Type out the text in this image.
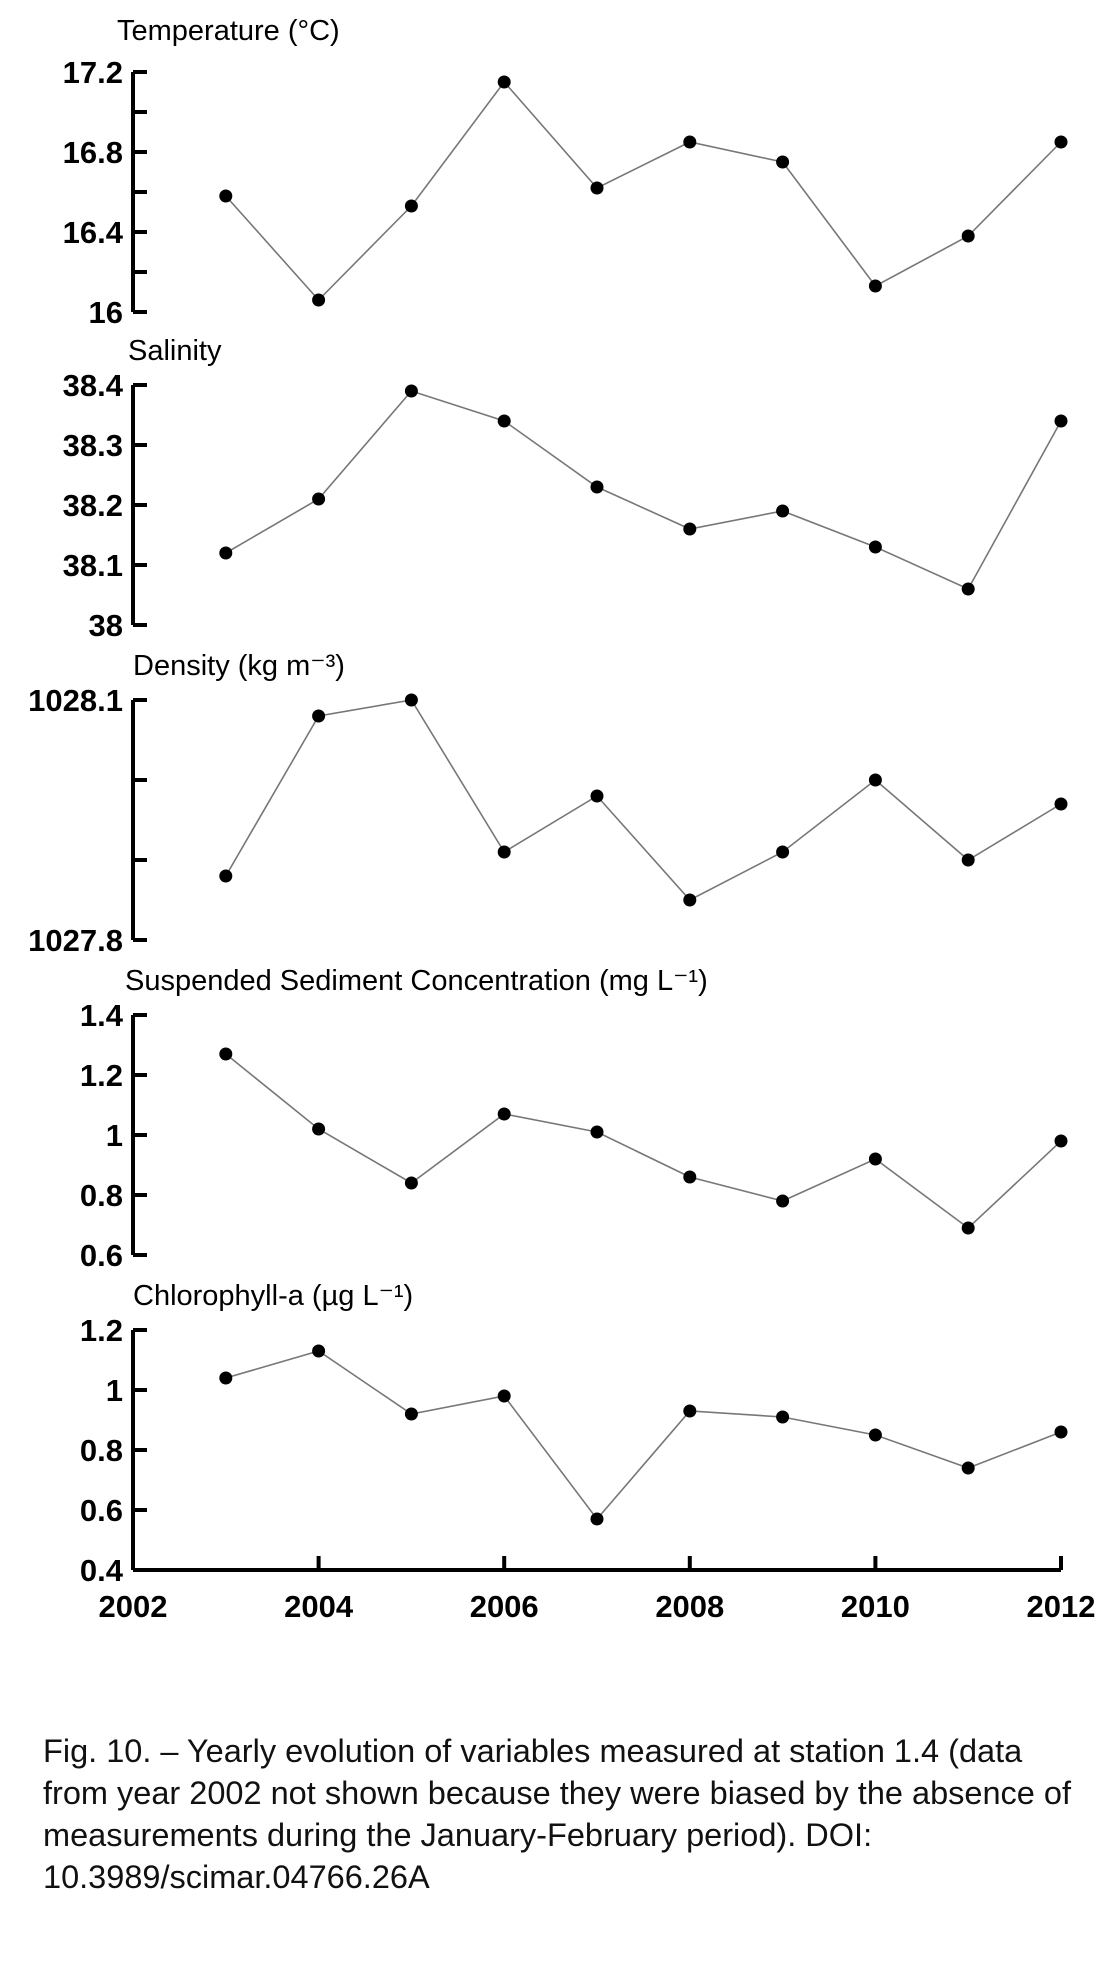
Temperature (°C)
16
16.4
16.8
17.2
Salinity
38
38.1
38.2
38.3
38.4
Density (kg m⁻³)
1027.8
1028.1
Suspended Sediment Concentration (mg L⁻¹)
0.6
0.8
1
1.2
1.4
Chlorophyll-a (µg L⁻¹)
0.4
0.6
0.8
1
1.2
2002	2004	2006	2008	2010	2012

Fig. 10. – Yearly evolution of variables measured at station 1.4 (data from year 2002 not shown because they were biased by the absence of measurements during the January-February period). DOI: 10.3989/scimar.04766.26A
